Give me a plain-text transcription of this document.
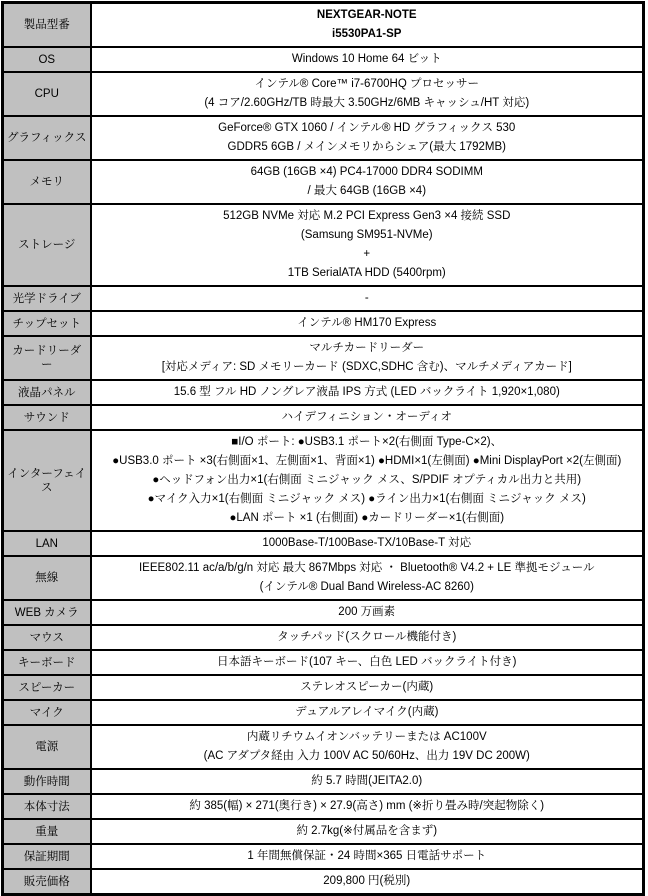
製品型番	NEXTGEAR-NOTE
i5530PA1-SP

OS	Windows 10 Home 64 ビット

CPU	インテル® Core™ i7-6700HQ プロセッサー
(4 コア/2.60GHz/TB 時最大 3.50GHz/6MB キャッシュ/HT 対応)

グラフィックス	GeForce® GTX 1060 / インテル® HD グラフィックス 530
GDDR5 6GB / メインメモリからシェア(最大 1792MB)

メモリ	64GB (16GB ×4) PC4-17000 DDR4 SODIMM
/ 最大 64GB (16GB ×4)

ストレージ	512GB NVMe 対応 M.2 PCI Express Gen3 ×4 接続 SSD
(Samsung SM951-NVMe)
+
1TB SerialATA HDD (5400rpm)

光学ドライブ	-

チップセット	インテル® HM170 Express

カードリーダー	マルチカードリーダー
[対応メディア: SD メモリーカード (SDXC,SDHC 含む)、マルチメディアカード]

液晶パネル	15.6 型 フル HD ノングレア液晶 IPS 方式 (LED バックライト 1,920×1,080)

サウンド	ハイデフィニション・オーディオ

インターフェイス	■I/O ポート: ●USB3.1 ポート×2(右側面 Type-C×2)、
●USB3.0 ポート ×3(右側面×1、左側面×1、背面×1) ●HDMI×1(左側面) ●Mini DisplayPort ×2(左側面)
●ヘッドフォン出力×1(右側面 ミニジャック メス、S/PDIF オプティカル出力と共用)
●マイク入力×1(右側面 ミニジャック メス) ●ライン出力×1(右側面 ミニジャック メス)
●LAN ポート ×1 (右側面) ●カードリーダー×1(右側面)

LAN	1000Base-T/100Base-TX/10Base-T 対応

無線	IEEE802.11 ac/a/b/g/n 対応 最大 867Mbps 対応 ・ Bluetooth® V4.2 + LE 準拠モジュール
(インテル® Dual Band Wireless-AC 8260)

WEB カメラ	200 万画素

マウス	タッチパッド(スクロール機能付き)

キーボード	日本語キーボード(107 キー、白色 LED バックライト付き)

スピーカー	ステレオスピーカー(内蔵)

マイク	デュアルアレイマイク(内蔵)

電源	内蔵リチウムイオンバッテリーまたは AC100V
(AC アダプタ経由 入力 100V AC 50/60Hz、出力 19V DC 200W)

動作時間	約 5.7 時間(JEITA2.0)

本体寸法	約 385(幅) × 271(奥行き) × 27.9(高さ) mm (※折り畳み時/突起物除く)

重量	約 2.7kg(※付属品を含まず)

保証期間	1 年間無償保証・24 時間×365 日電話サポート

販売価格	209,800 円(税別)
